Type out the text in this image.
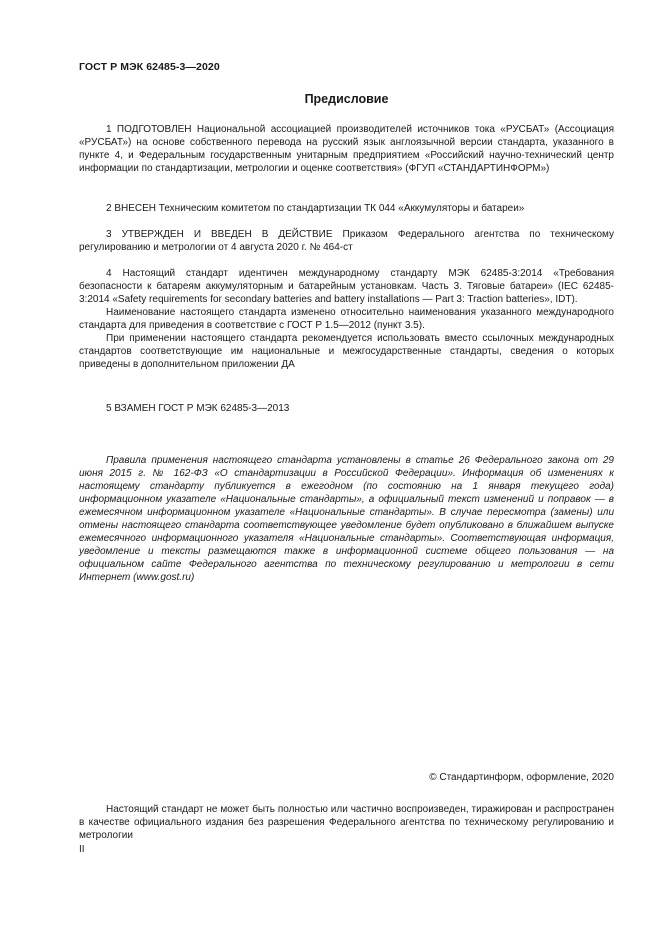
ГОСТ Р МЭК 62485-3—2020
Предисловие

1 ПОДГОТОВЛЕН Национальной ассоциацией производителей источников тока «РУСБАТ» (Ассоциация «РУСБАТ») на основе собственного перевода на русский язык англоязычной версии стандарта, указанного в пункте 4, и Федеральным государственным унитарным предприятием «Российский научно-технический центр информации по стандартизации, метрологии и оценке соответствия» (ФГУП «СТАНДАРТИНФОРМ»)

2 ВНЕСЕН Техническим комитетом по стандартизации ТК 044 «Аккумуляторы и батареи»

3 УТВЕРЖДЕН И ВВЕДЕН В ДЕЙСТВИЕ Приказом Федерального агентства по техническому регулированию и метрологии от 4 августа 2020 г. № 464-ст

4 Настоящий стандарт идентичен международному стандарту МЭК 62485-3:2014 «Требования безопасности к батареям аккумуляторным и батарейным установкам. Часть 3. Тяговые батареи» (IEC 62485-3:2014 «Safety requirements for secondary batteries and battery installations — Part 3: Traction batteries», IDT).

Наименование настоящего стандарта изменено относительно наименования указанного международного стандарта для приведения в соответствие с ГОСТ Р 1.5—2012 (пункт 3.5).

При применении настоящего стандарта рекомендуется использовать вместо ссылочных международных стандартов соответствующие им национальные и межгосударственные стандарты, сведения о которых приведены в дополнительном приложении ДА

5 ВЗАМЕН ГОСТ Р МЭК 62485-3—2013

Правила применения настоящего стандарта установлены в статье 26 Федерального закона от 29 июня 2015 г. № 162-ФЗ «О стандартизации в Российской Федерации». Информация об изменениях к настоящему стандарту публикуется в ежегодном (по состоянию на 1 января текущего года) информационном указателе «Национальные стандарты», а официальный текст изменений и поправок — в ежемесячном информационном указателе «Национальные стандарты». В случае пересмотра (замены) или отмены настоящего стандарта соответствующее уведомление будет опубликовано в ближайшем выпуске ежемесячного информационного указателя «Национальные стандарты». Соответствующая информация, уведомление и тексты размещаются также в информационной системе общего пользования — на официальном сайте Федерального агентства по техническому регулированию и метрологии в сети Интернет (www.gost.ru)

© Стандартинформ, оформление, 2020

Настоящий стандарт не может быть полностью или частично воспроизведен, тиражирован и распространен в качестве официального издания без разрешения Федерального агентства по техническому регулированию и метрологии

II
